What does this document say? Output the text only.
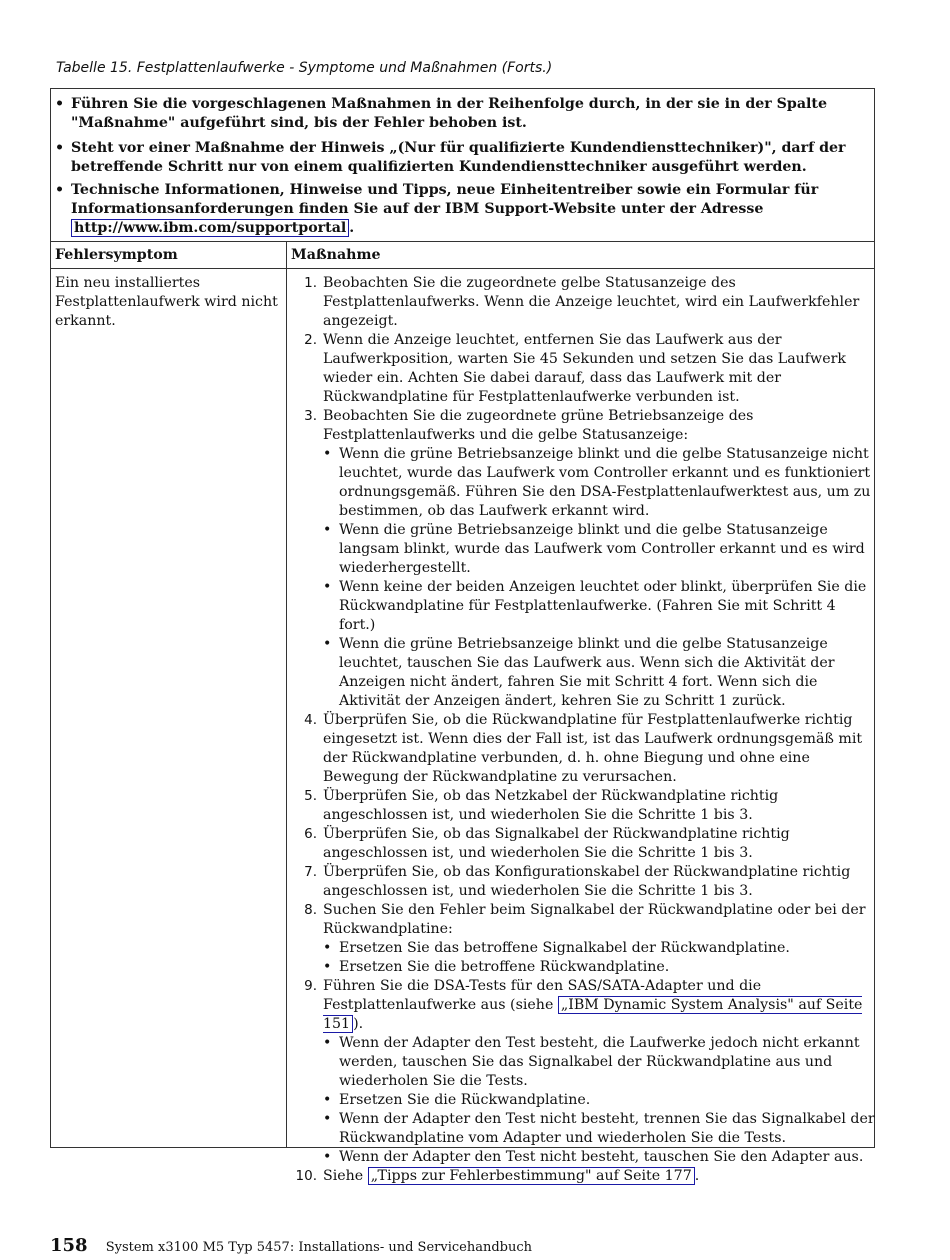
Tabelle 15. Festplattenlaufwerke - Symptome und Maßnahmen (Forts.)
• Führen Sie die vorgeschlagenen Maßnahmen in der Reihenfolge durch, in der sie in der Spalte "Maßnahme" aufgeführt sind, bis der Fehler behoben ist.
• Steht vor einer Maßnahme der Hinweis „(Nur für qualifizierte Kundendiensttechniker)", darf der betreffende Schritt nur von einem qualifizierten Kundendiensttechniker ausgeführt werden.
• Technische Informationen, Hinweise und Tipps, neue Einheitentreiber sowie ein Formular für Informationsanforderungen finden Sie auf der IBM Support-Website unter der Adresse http://www.ibm.com/supportportal .
Fehlersymptom	Maßnahme
Ein neu installiertes Festplattenlaufwerk wird nicht erkannt.
1. Beobachten Sie die zugeordnete gelbe Statusanzeige des Festplattenlaufwerks. Wenn die Anzeige leuchtet, wird ein Laufwerkfehler angezeigt.
2. Wenn die Anzeige leuchtet, entfernen Sie das Laufwerk aus der Laufwerkposition, warten Sie 45 Sekunden und setzen Sie das Laufwerk wieder ein. Achten Sie dabei darauf, dass das Laufwerk mit der Rückwandplatine für Festplattenlaufwerke verbunden ist.
3. Beobachten Sie die zugeordnete grüne Betriebsanzeige des Festplattenlaufwerks und die gelbe Statusanzeige:
• Wenn die grüne Betriebsanzeige blinkt und die gelbe Statusanzeige nicht leuchtet, wurde das Laufwerk vom Controller erkannt und es funktioniert ordnungsgemäß. Führen Sie den DSA-Festplattenlaufwerktest aus, um zu bestimmen, ob das Laufwerk erkannt wird.
• Wenn die grüne Betriebsanzeige blinkt und die gelbe Statusanzeige langsam blinkt, wurde das Laufwerk vom Controller erkannt und es wird wiederhergestellt.
• Wenn keine der beiden Anzeigen leuchtet oder blinkt, überprüfen Sie die Rückwandplatine für Festplattenlaufwerke. (Fahren Sie mit Schritt 4 fort.)
• Wenn die grüne Betriebsanzeige blinkt und die gelbe Statusanzeige leuchtet, tauschen Sie das Laufwerk aus. Wenn sich die Aktivität der Anzeigen nicht ändert, fahren Sie mit Schritt 4 fort. Wenn sich die Aktivität der Anzeigen ändert, kehren Sie zu Schritt 1 zurück.
4. Überprüfen Sie, ob die Rückwandplatine für Festplattenlaufwerke richtig eingesetzt ist. Wenn dies der Fall ist, ist das Laufwerk ordnungsgemäß mit der Rückwandplatine verbunden, d. h. ohne Biegung und ohne eine Bewegung der Rückwandplatine zu verursachen.
5. Überprüfen Sie, ob das Netzkabel der Rückwandplatine richtig angeschlossen ist, und wiederholen Sie die Schritte 1 bis 3.
6. Überprüfen Sie, ob das Signalkabel der Rückwandplatine richtig angeschlossen ist, und wiederholen Sie die Schritte 1 bis 3.
7. Überprüfen Sie, ob das Konfigurationskabel der Rückwandplatine richtig angeschlossen ist, und wiederholen Sie die Schritte 1 bis 3.
8. Suchen Sie den Fehler beim Signalkabel der Rückwandplatine oder bei der Rückwandplatine:
• Ersetzen Sie das betroffene Signalkabel der Rückwandplatine.
• Ersetzen Sie die betroffene Rückwandplatine.
9. Führen Sie die DSA-Tests für den SAS/SATA-Adapter und die Festplattenlaufwerke aus (siehe „IBM Dynamic System Analysis" auf Seite 151 ).
• Wenn der Adapter den Test besteht, die Laufwerke jedoch nicht erkannt werden, tauschen Sie das Signalkabel der Rückwandplatine aus und wiederholen Sie die Tests.
• Ersetzen Sie die Rückwandplatine.
• Wenn der Adapter den Test nicht besteht, trennen Sie das Signalkabel der Rückwandplatine vom Adapter und wiederholen Sie die Tests.
• Wenn der Adapter den Test nicht besteht, tauschen Sie den Adapter aus.
10. Siehe „Tipps zur Fehlerbestimmung" auf Seite 177 .
158 System x3100 M5 Typ 5457: Installations- und Servicehandbuch
